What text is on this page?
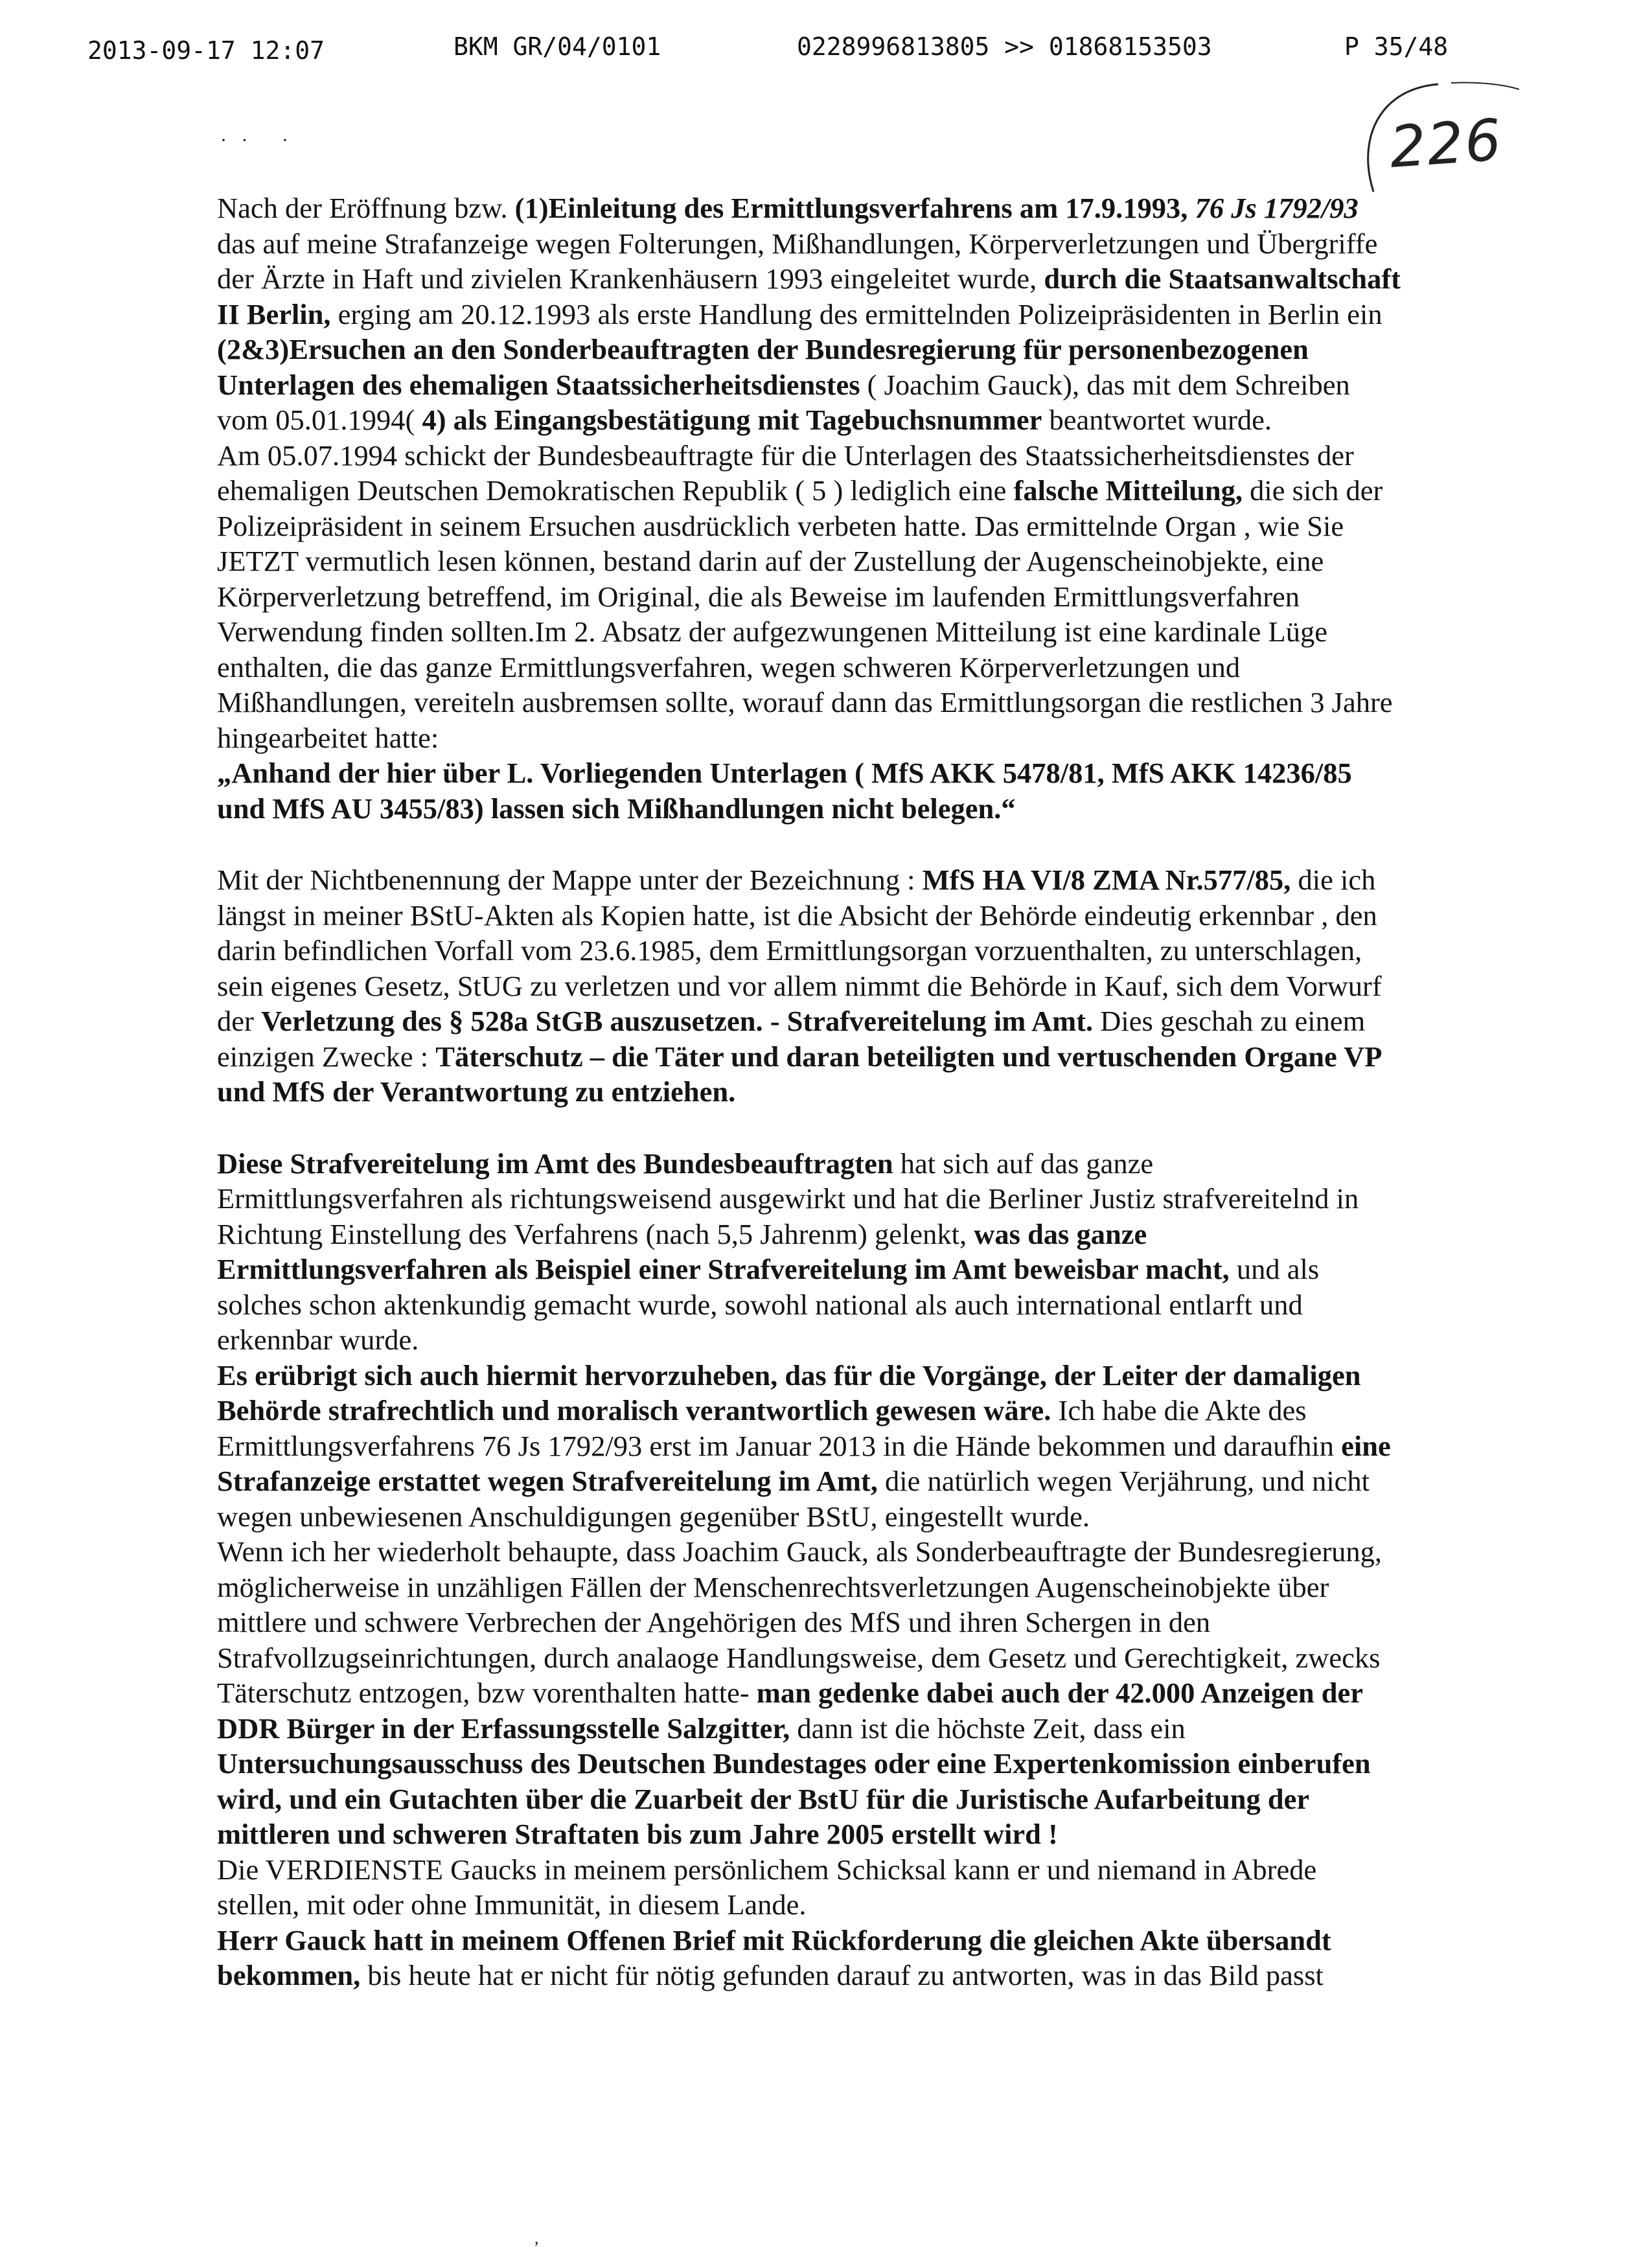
2013-09-17 12:07	BKM GR/04/0101	0228996813805 >> 01868153503	P 35/48
226
·   ·       ·

Nach der Eröffnung bzw. (1)Einleitung des Ermittlungsverfahrens am 17.9.1993, 76 Js 1792/93 das auf meine Strafanzeige wegen Folterungen, Mißhandlungen, Körperverletzungen und Übergriffe der Ärzte in Haft und zivielen Krankenhäusern 1993 eingeleitet wurde, durch die Staatsanwaltschaft II Berlin, erging am 20.12.1993 als erste Handlung des ermittelnden Polizeipräsidenten in Berlin ein (2&3)Ersuchen an den Sonderbeauftragten der Bundesregierung für personenbezogenen Unterlagen des ehemaligen Staatssicherheitsdienstes ( Joachim Gauck), das mit dem Schreiben vom 05.01.1994( 4) als Eingangsbestätigung mit Tagebuchsnummer beantwortet wurde.

Am 05.07.1994 schickt der Bundesbeauftragte für die Unterlagen des Staatssicherheitsdienstes der ehemaligen Deutschen Demokratischen Republik ( 5 ) lediglich eine falsche Mitteilung, die sich der Polizeipräsident in seinem Ersuchen ausdrücklich verbeten hatte. Das ermittelnde Organ , wie Sie JETZT vermutlich lesen können, bestand darin auf der Zustellung der Augenscheinobjekte, eine Körperverletzung betreffend, im Original, die als Beweise im laufenden Ermittlungsverfahren Verwendung finden sollten.Im 2. Absatz der aufgezwungenen Mitteilung ist eine kardinale Lüge enthalten, die das ganze Ermittlungsverfahren, wegen schweren Körperverletzungen und Mißhandlungen, vereiteln ausbremsen sollte, worauf dann das Ermittlungsorgan die restlichen 3 Jahre hingearbeitet hatte:

„Anhand der hier über L. Vorliegenden Unterlagen ( MfS AKK 5478/81, MfS AKK 14236/85 und MfS AU 3455/83) lassen sich Mißhandlungen nicht belegen.“

Mit der Nichtbenennung der Mappe unter der Bezeichnung : MfS HA VI/8 ZMA Nr.577/85, die ich längst in meiner BStU-Akten als Kopien hatte, ist die Absicht der Behörde eindeutig erkennbar , den darin befindlichen Vorfall vom 23.6.1985, dem Ermittlungsorgan vorzuenthalten, zu unterschlagen, sein eigenes Gesetz, StUG zu verletzen und vor allem nimmt die Behörde in Kauf, sich dem Vorwurf der Verletzung des § 528a StGB auszusetzen. - Strafvereitelung im Amt. Dies geschah zu einem einzigen Zwecke : Täterschutz – die Täter und daran beteiligten und vertuschenden Organe VP und MfS der Verantwortung zu entziehen.

Diese Strafvereitelung im Amt des Bundesbeauftragten hat sich auf das ganze Ermittlungsverfahren als richtungsweisend ausgewirkt und hat die Berliner Justiz strafvereitelnd in Richtung Einstellung des Verfahrens (nach 5,5 Jahrenm) gelenkt, was das ganze Ermittlungsverfahren als Beispiel einer Strafvereitelung im Amt beweisbar macht, und als solches schon aktenkundig gemacht wurde, sowohl national als auch international entlarft und erkennbar wurde.

Es erübrigt sich auch hiermit hervorzuheben, das für die Vorgänge, der Leiter der damaligen Behörde strafrechtlich und moralisch verantwortlich gewesen wäre. Ich habe die Akte des Ermittlungsverfahrens 76 Js 1792/93 erst im Januar 2013 in die Hände bekommen und daraufhin eine Strafanzeige erstattet wegen Strafvereitelung im Amt, die natürlich wegen Verjährung, und nicht wegen unbewiesenen Anschuldigungen gegenüber BStU, eingestellt wurde.

Wenn ich her wiederholt behaupte, dass Joachim Gauck, als Sonderbeauftragte der Bundesregierung, möglicherweise in unzähligen Fällen der Menschenrechtsverletzungen Augenscheinobjekte über mittlere und schwere Verbrechen der Angehörigen des MfS und ihren Schergen in den Strafvollzugseinrichtungen, durch analaoge Handlungsweise, dem Gesetz und Gerechtigkeit, zwecks Täterschutz entzogen, bzw vorenthalten hatte- man gedenke dabei auch der 42.000 Anzeigen der DDR Bürger in der Erfassungsstelle Salzgitter, dann ist die höchste Zeit, dass ein Untersuchungsausschuss des Deutschen Bundestages oder eine Expertenkomission einberufen wird, und ein Gutachten über die Zuarbeit der BstU für die Juristische Aufarbeitung der mittleren und schweren Straftaten bis zum Jahre 2005 erstellt wird !

Die VERDIENSTE Gaucks in meinem persönlichem Schicksal kann er und niemand in Abrede stellen, mit oder ohne Immunität, in diesem Lande.

Herr Gauck hatt in meinem Offenen Brief mit Rückforderung die gleichen Akte übersandt bekommen, bis heute hat er nicht für nötig gefunden darauf zu antworten, was in das Bild passt

,
